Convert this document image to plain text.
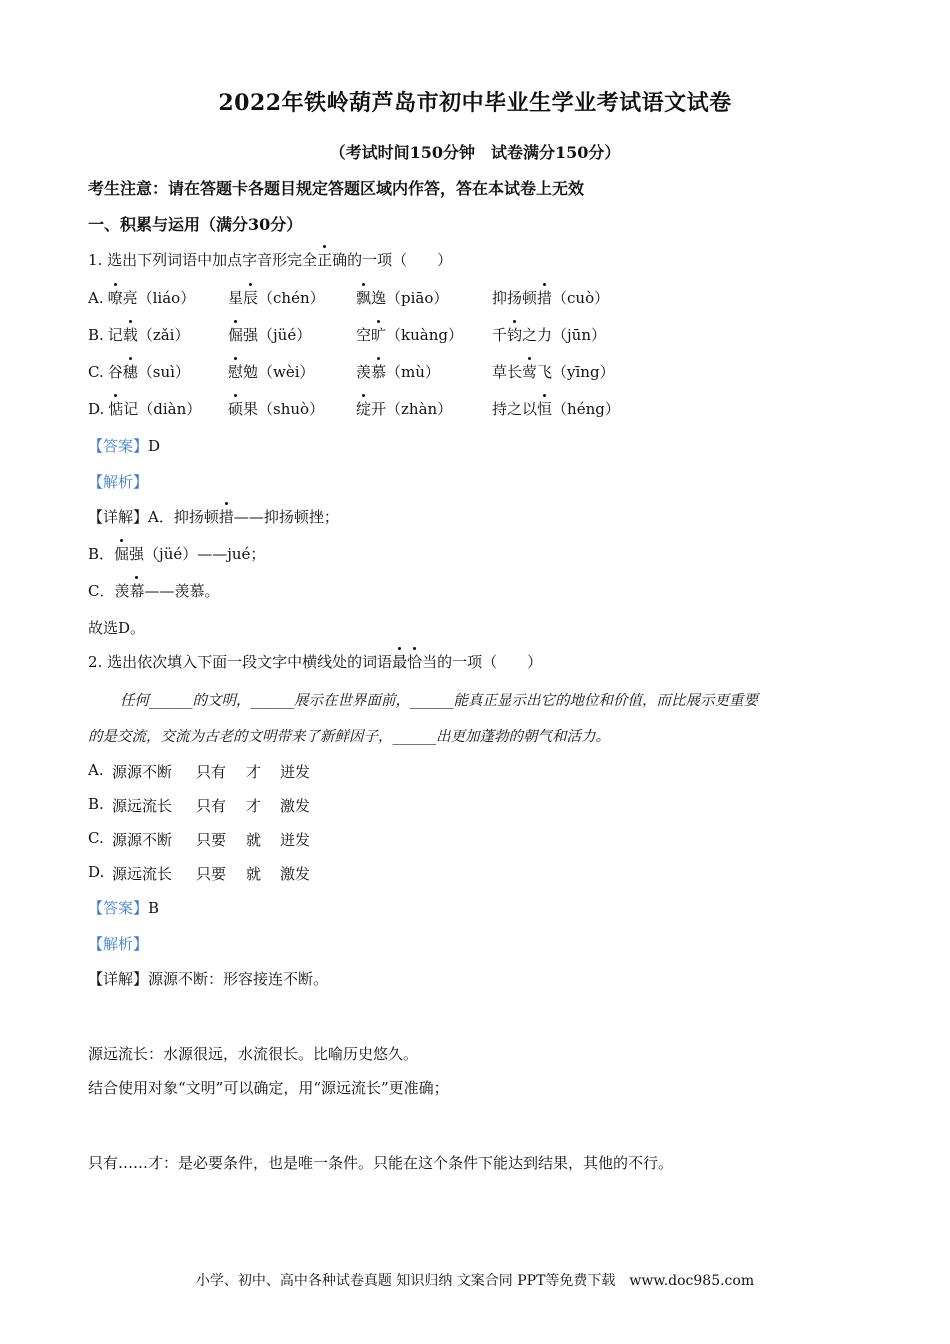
2022年铁岭葫芦岛市初中毕业生学业考试语文试卷
（考试时间150分钟　试卷满分150分）
考生注意：请在答题卡各题目规定答题区域内作答，答在本试卷上无效
一、积累与运用（满分30分）
1. 选出下列词语中加点字音形完全正确的一项（　　）
A. 嘹亮（liáo） 星辰（chén） 飘逸（piāo）	抑扬顿措（cuò）
B. 记载（zǎi）	倔强（jüé）	空旷（kuàng） 千钧之力（jūn）
C. 谷穗（suì）	慰勉（wèi）	羡慕（mù）	草长莺飞（yīng）
D. 惦记（diàn） 硕果（shuò） 绽开（zhàn）	持之以恒（héng）
【答案】D
【解析】
【详解】A．抑扬顿措——抑扬顿挫；
B．倔强（jüé）——jué；
C．羡幕——羡慕。
故选D。
2. 选出依次填入下面一段文字中横线处的词语最恰当的一项（　　）
任何______的文明，______展示在世界面前，______能真正显示出它的地位和价值，而比展示更重要
的是交流，交流为古老的文明带来了新鲜因子，______出更加蓬勃的朝气和活力。
A. 源源不断 只有 才 迸发
B. 源远流长 只有 才 激发
C. 源源不断 只要 就 迸发
D. 源远流长 只要 就 激发
【答案】B
【解析】
【详解】源源不断：形容接连不断。
源远流长：水源很远，水流很长。比喻历史悠久。
结合使用对象“文明”可以确定，用“源远流长”更准确；
只有……才：是必要条件，也是唯一条件。只能在这个条件下能达到结果，其他的不行。
小学、初中、高中各种试卷真题 知识归纳 文案合同 PPT等免费下载　www.doc985.com
